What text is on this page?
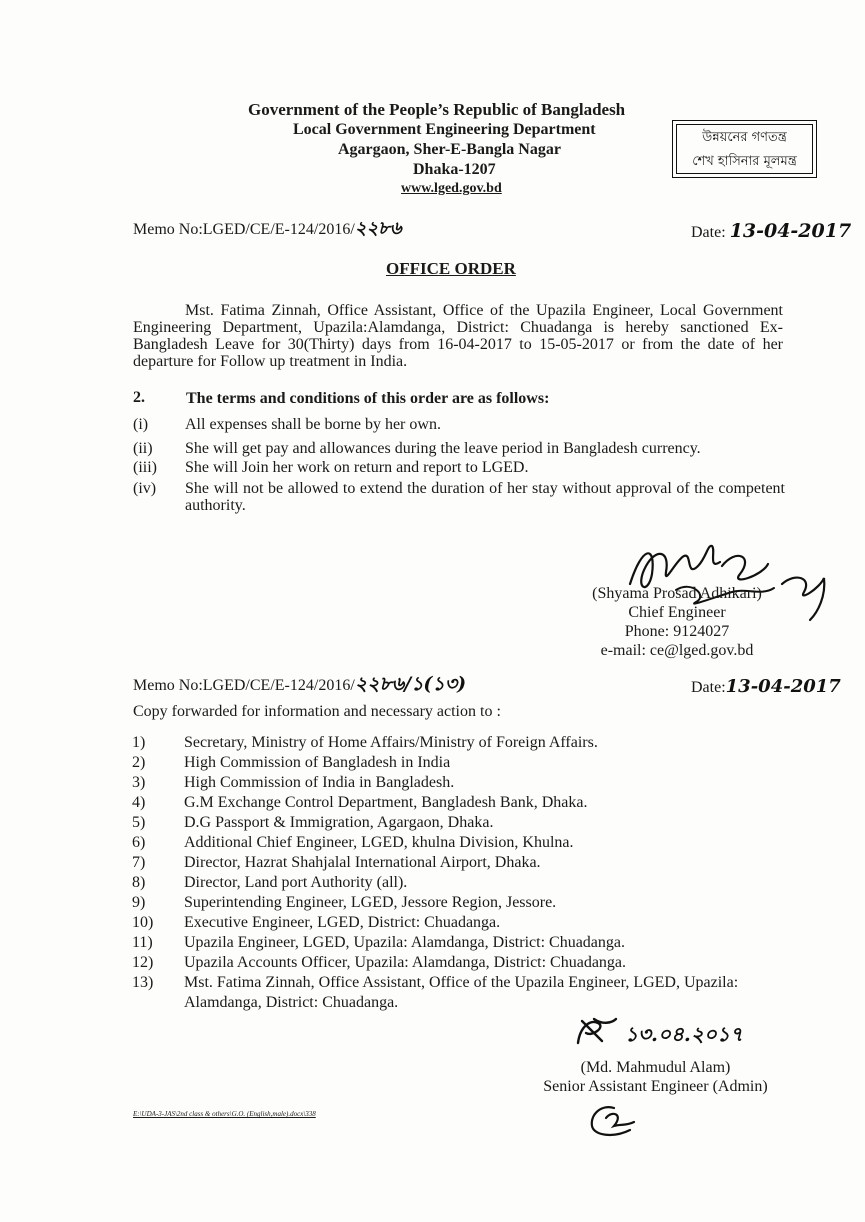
Government of the People’s Republic of Bangladesh
Local Government Engineering Department
Agargaon, Sher-E-Bangla Nagar
Dhaka-1207
www.lged.gov.bd
উন্নয়নের গণতন্ত্র
শেখ হাসিনার মূলমন্ত্র
Memo No:LGED/CE/E-124/2016/২২৮৬	Date: 13-04-2017
OFFICE ORDER
Mst. Fatima Zinnah, Office Assistant, Office of the Upazila Engineer, Local Government Engineering Department, Upazila:Alamdanga, District: Chuadanga is hereby sanctioned Ex-Bangladesh Leave for 30(Thirty) days from 16-04-2017 to 15-05-2017 or from the date of her departure for Follow up treatment in India.
2.	The terms and conditions of this order are as follows:
(i) All expenses shall be borne by her own.
(ii) She will get pay and allowances during the leave period in Bangladesh currency.
(iii) She will Join her work on return and report to LGED.
(iv) She will not be allowed to extend the duration of her stay without approval of the competent authority.
(Shyama Prosad Adhikari)
Chief Engineer
Phone: 9124027
e-mail: ce@lged.gov.bd
Memo No:LGED/CE/E-124/2016/২২৮৬/১(১৩)	Date:13-04-2017
Copy forwarded for information and necessary action to :
1)	Secretary, Ministry of Home Affairs/Ministry of Foreign Affairs.
2)	High Commission of Bangladesh in India
3)	High Commission of India in Bangladesh.
4)	G.M Exchange Control Department, Bangladesh Bank, Dhaka.
5)	D.G Passport & Immigration, Agargaon, Dhaka.
6)	Additional Chief Engineer, LGED, khulna Division, Khulna.
7)	Director, Hazrat Shahjalal International Airport, Dhaka.
8)	Director, Land port Authority (all).
9)	Superintending Engineer, LGED, Jessore Region, Jessore.
10)	Executive Engineer, LGED, District: Chuadanga.
11)	Upazila Engineer, LGED, Upazila: Alamdanga, District: Chuadanga.
12)	Upazila Accounts Officer, Upazila: Alamdanga, District: Chuadanga.
13)	Mst. Fatima Zinnah, Office Assistant, Office of the Upazila Engineer, LGED, Upazila: Alamdanga, District: Chuadanga.
১৩.০৪.২০১৭
(Md. Mahmudul Alam)
Senior Assistant Engineer (Admin)
E:\UDA-3-JAS\2nd class & others\G.O. (English,male).docx\338
